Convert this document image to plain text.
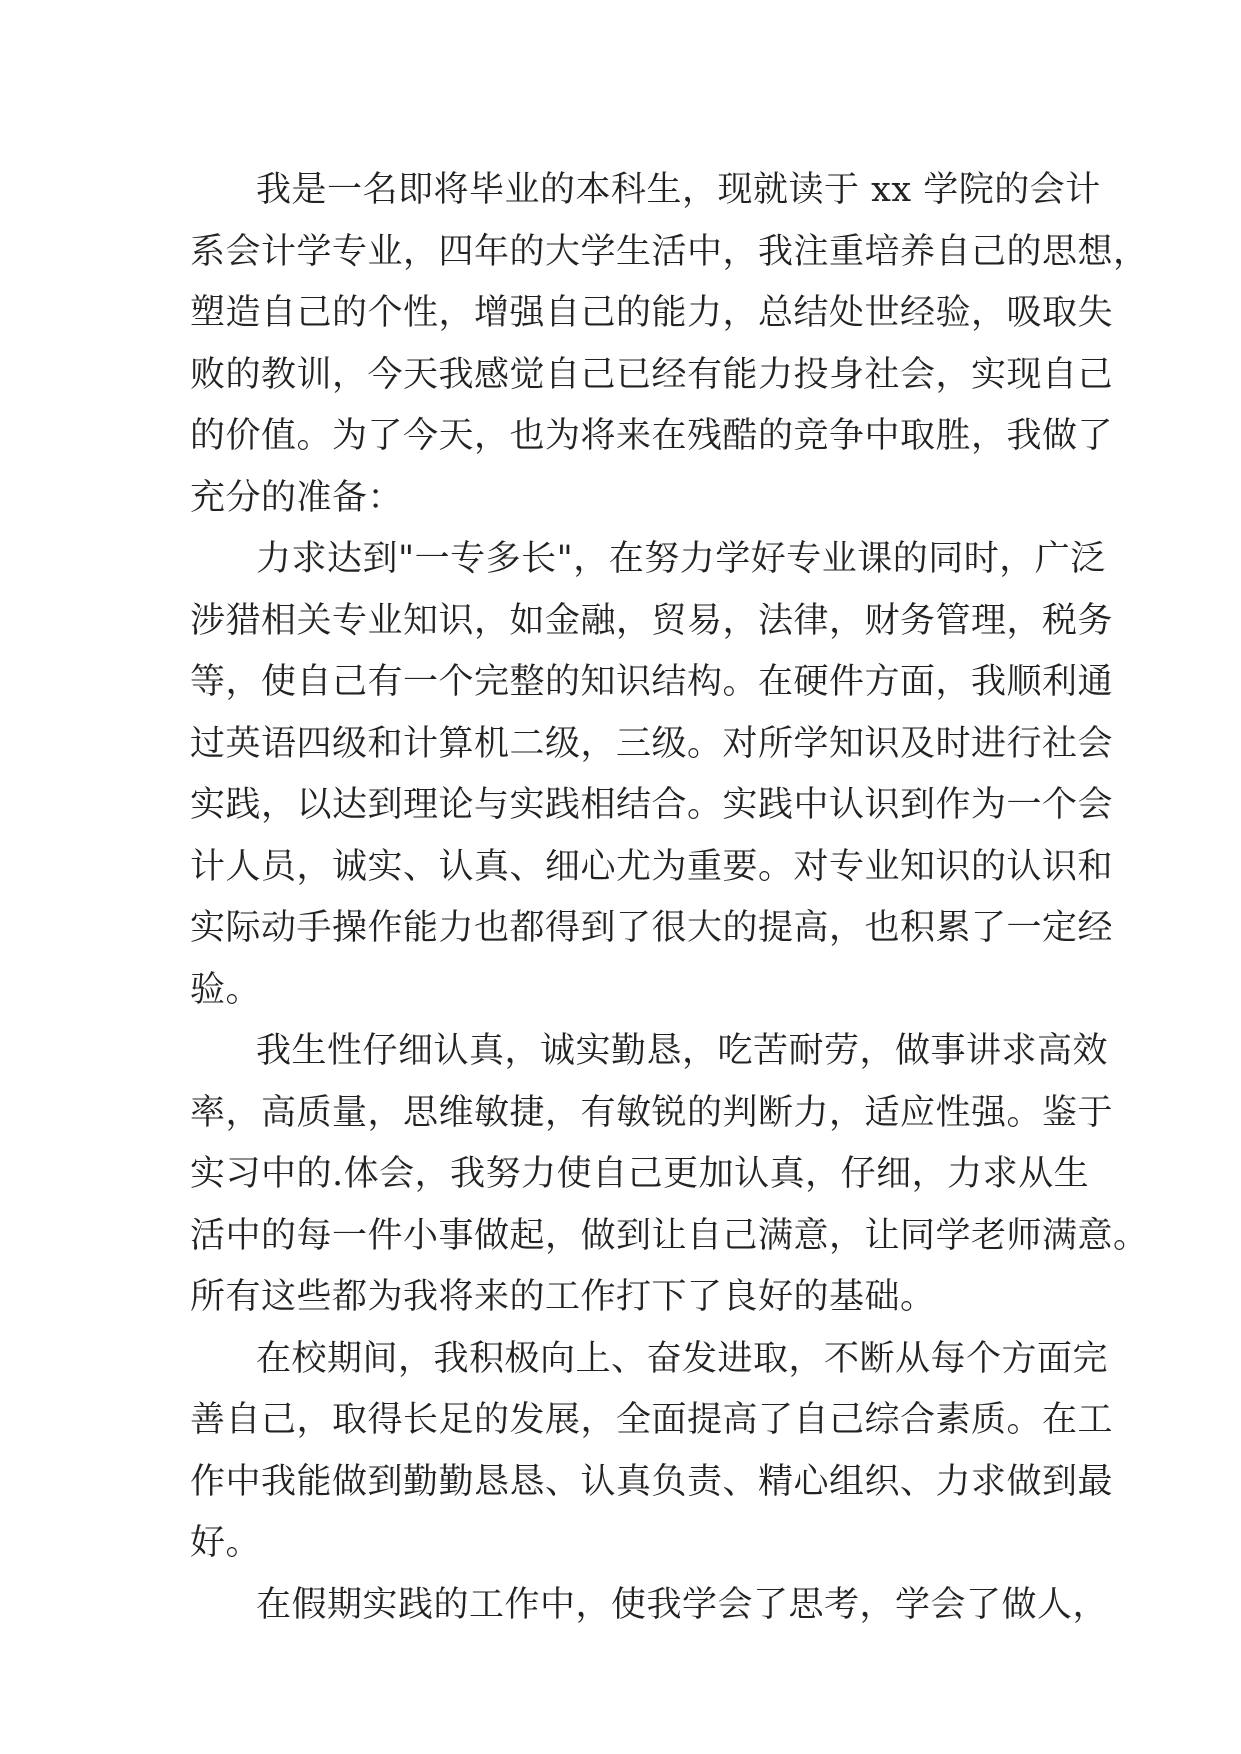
我是一名即将毕业的本科生，现就读于 xx 学院的会计
系会计学专业，四年的大学生活中，我注重培养自己的思想，
塑造自己的个性，增强自己的能力，总结处世经验，吸取失
败的教训，今天我感觉自己已经有能力投身社会，实现自己
的价值。为了今天，也为将来在残酷的竞争中取胜，我做了
充分的准备：
力求达到"一专多长"，在努力学好专业课的同时，广泛
涉猎相关专业知识，如金融，贸易，法律，财务管理，税务
等，使自己有一个完整的知识结构。在硬件方面，我顺利通
过英语四级和计算机二级，三级。对所学知识及时进行社会
实践，以达到理论与实践相结合。实践中认识到作为一个会
计人员，诚实、认真、细心尤为重要。对专业知识的认识和
实际动手操作能力也都得到了很大的提高，也积累了一定经
验。
我生性仔细认真，诚实勤恳，吃苦耐劳，做事讲求高效
率，高质量，思维敏捷，有敏锐的判断力，适应性强。鉴于
实习中的.体会，我努力使自己更加认真，仔细，力求从生
活中的每一件小事做起，做到让自己满意，让同学老师满意。
所有这些都为我将来的工作打下了良好的基础。
在校期间，我积极向上、奋发进取，不断从每个方面完
善自己，取得长足的发展，全面提高了自己综合素质。在工
作中我能做到勤勤恳恳、认真负责、精心组织、力求做到最
好。
在假期实践的工作中，使我学会了思考，学会了做人，
